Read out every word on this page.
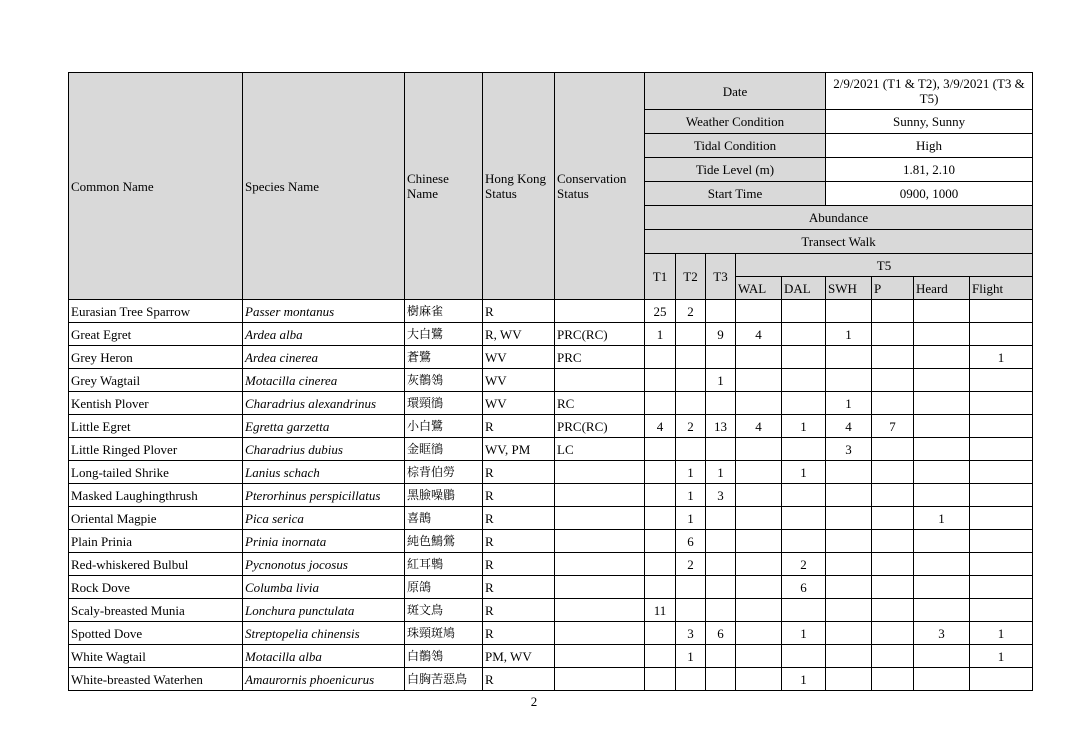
Common Name	Species Name	Chinese Name	Hong Kong Status	Conservation Status	Date					2/9/2021 (T1 & T2), 3/9/2021 (T3 & T5)			
					Weather Condition					Sunny, Sunny			
					Tidal Condition					High			
					Tide Level (m)					1.81, 2.10			
					Start Time					0900, 1000			
					Abundance								
					Transect Walk								
					T1	T2	T3	T5					
								WAL	DAL	SWH	P	Heard	Flight
Eurasian Tree Sparrow	Passer montanus	樹麻雀	R		25	2							
Great Egret	Ardea alba	大白鷺	R, WV	PRC(RC)	1		9	4		1			
Grey Heron	Ardea cinerea	蒼鷺	WV	PRC									1
Grey Wagtail	Motacilla cinerea	灰鶺鴒	WV				1						
Kentish Plover	Charadrius alexandrinus	環頸鴴	WV	RC						1			
Little Egret	Egretta garzetta	小白鷺	R	PRC(RC)	4	2	13	4	1	4	7		
Little Ringed Plover	Charadrius dubius	金眶鴴	WV, PM	LC						3			
Long-tailed Shrike	Lanius schach	棕背伯勞	R			1	1		1				
Masked Laughingthrush	Pterorhinus perspicillatus	黑臉噪鶥	R			1	3						
Oriental Magpie	Pica serica	喜鵲	R			1						1	
Plain Prinia	Prinia inornata	純色鷦鶯	R			6							
Red-whiskered Bulbul	Pycnonotus jocosus	紅耳鵯	R			2			2				
Rock Dove	Columba livia	原鴿	R						6				
Scaly-breasted Munia	Lonchura punctulata	斑文鳥	R		11								
Spotted Dove	Streptopelia chinensis	珠頸斑鳩	R			3	6		1			3	1
White Wagtail	Motacilla alba	白鶺鴒	PM, WV			1							1
White-breasted Waterhen	Amaurornis phoenicurus	白胸苦惡鳥	R						1				
2
